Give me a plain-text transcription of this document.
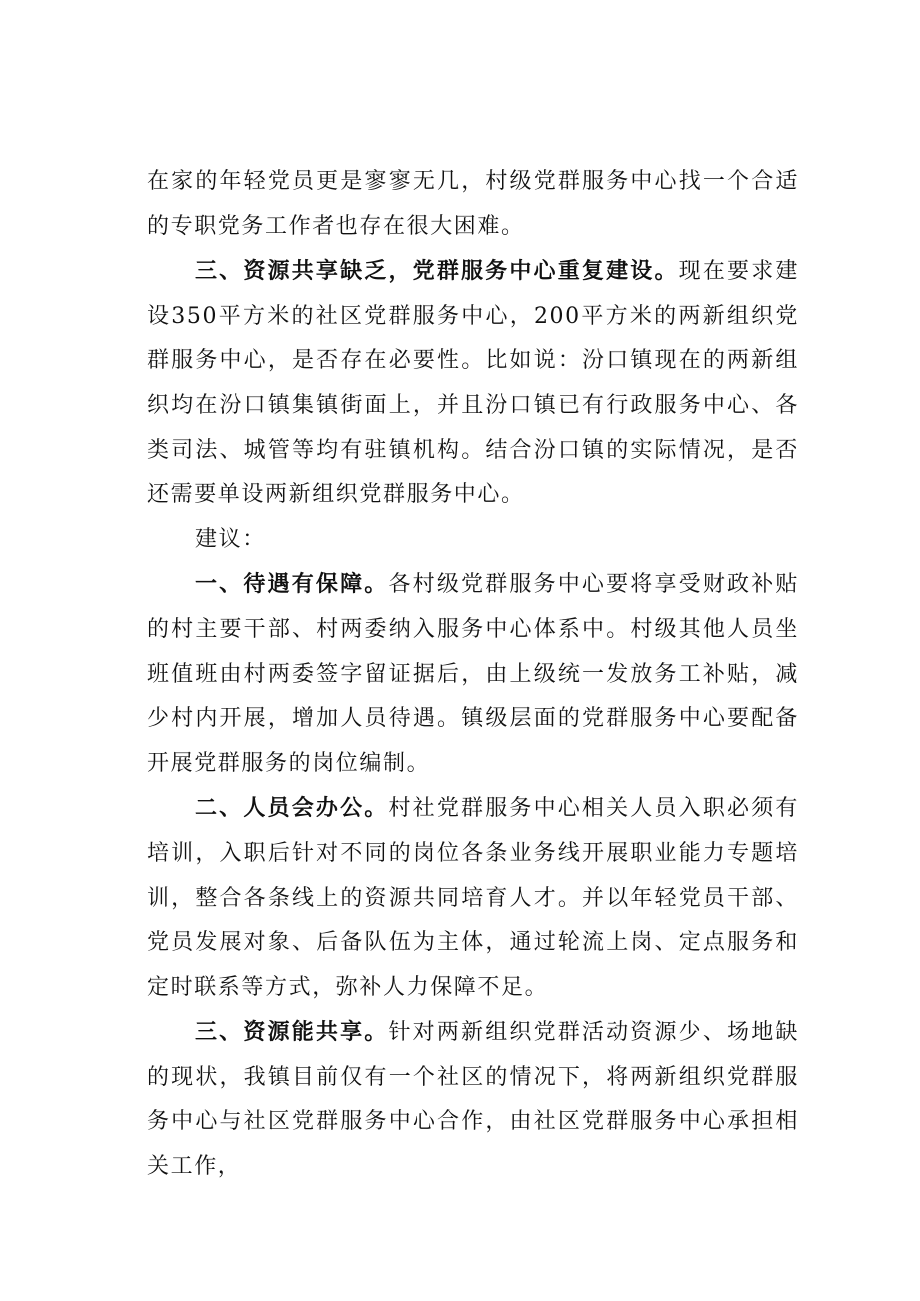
在家的年轻党员更是寥寥无几，村级党群服务中心找一个合适的专职党务工作者也存在很大困难。

三、资源共享缺乏，党群服务中心重复建设。现在要求建设350平方米的社区党群服务中心，200平方米的两新组织党群服务中心，是否存在必要性。比如说：汾口镇现在的两新组织均在汾口镇集镇街面上，并且汾口镇已有行政服务中心、各类司法、城管等均有驻镇机构。结合汾口镇的实际情况，是否还需要单设两新组织党群服务中心。

建议：

一、待遇有保障。各村级党群服务中心要将享受财政补贴的村主要干部、村两委纳入服务中心体系中。村级其他人员坐班值班由村两委签字留证据后，由上级统一发放务工补贴，减少村内开展，增加人员待遇。镇级层面的党群服务中心要配备开展党群服务的岗位编制。

二、人员会办公。村社党群服务中心相关人员入职必须有培训，入职后针对不同的岗位各条业务线开展职业能力专题培训，整合各条线上的资源共同培育人才。并以年轻党员干部、党员发展对象、后备队伍为主体，通过轮流上岗、定点服务和定时联系等方式，弥补人力保障不足。

三、资源能共享。针对两新组织党群活动资源少、场地缺的现状，我镇目前仅有一个社区的情况下，将两新组织党群服务中心与社区党群服务中心合作，由社区党群服务中心承担相关工作，
